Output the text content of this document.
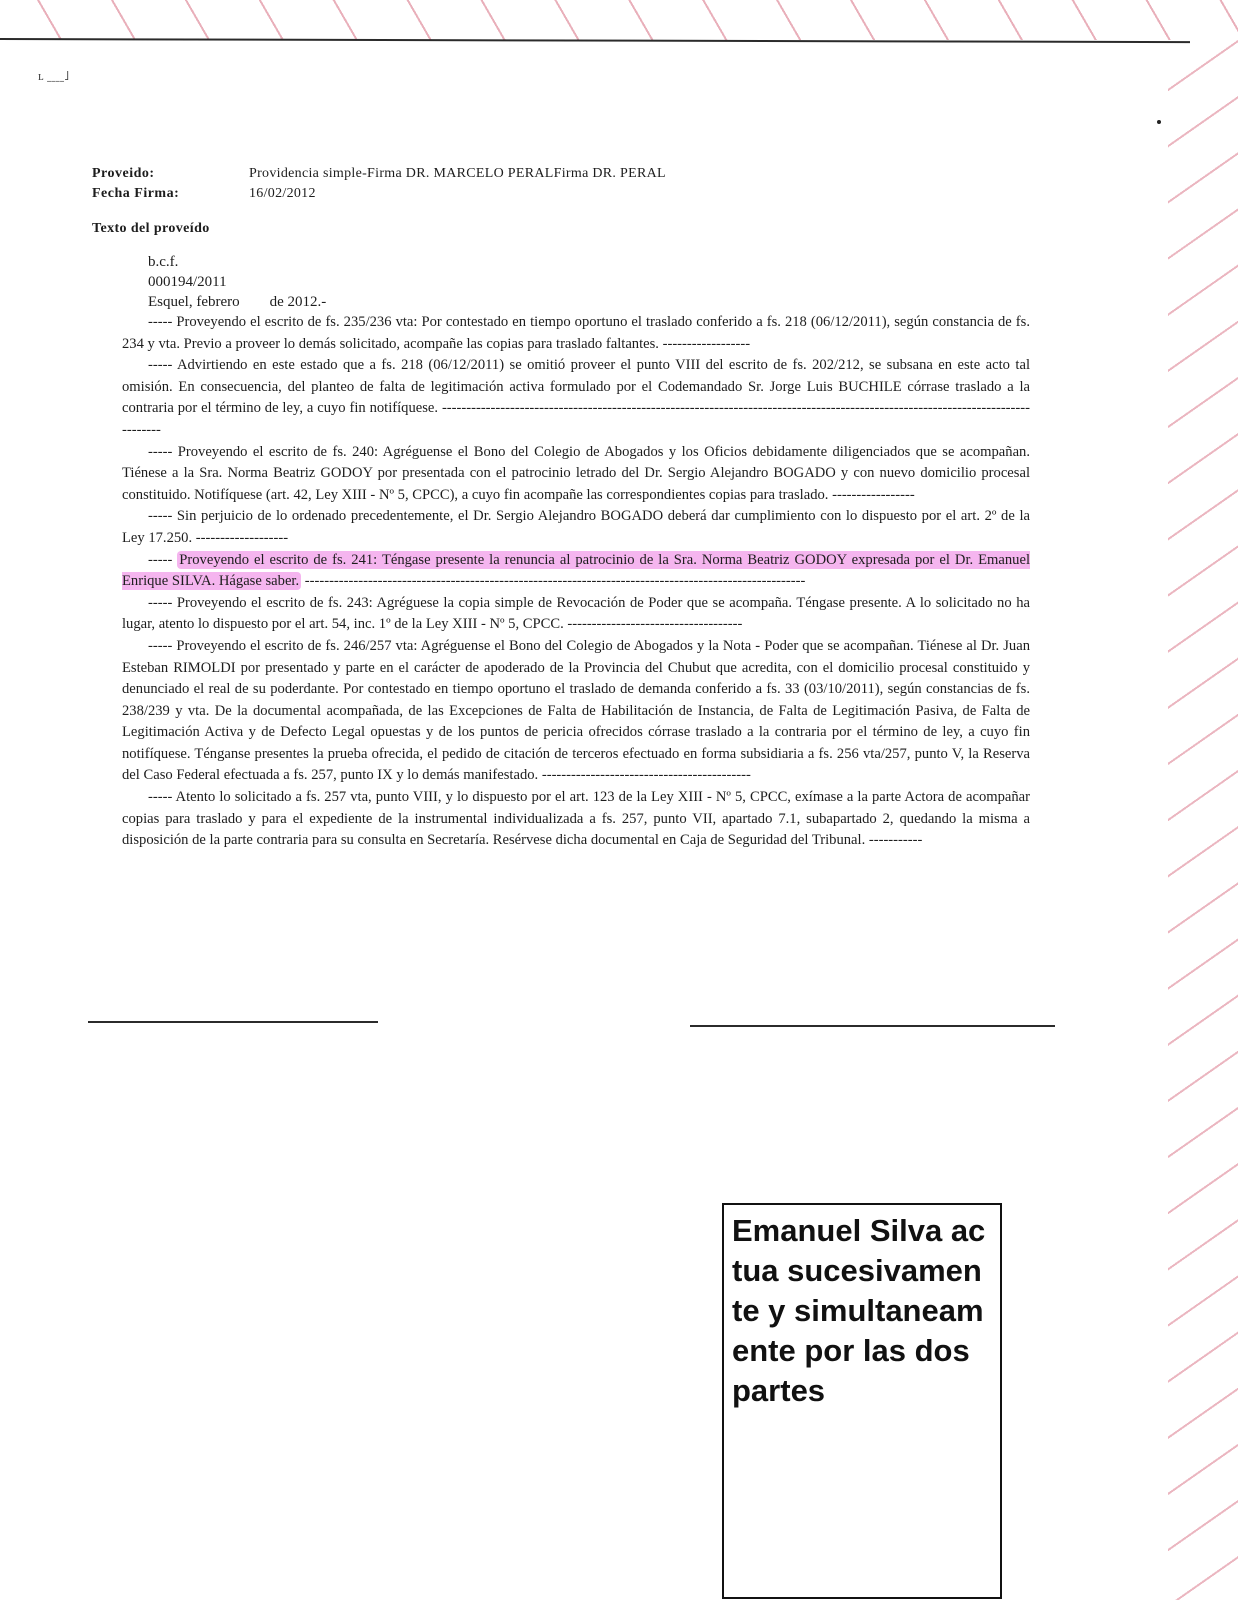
ʟ ˍˍˍˍ˩
Proveido:	Providencia simple-Firma DR. MARCELO PERALFirma DR. PERAL
Fecha Firma:	16/02/2012
Texto del proveído
b.c.f.
000194/2011
Esquel, febrero        de 2012.-

----- Proveyendo el escrito de fs. 235/236 vta: Por contestado en tiempo oportuno el traslado conferido a fs. 218 (06/12/2011), según constancia de fs. 234 y vta. Previo a proveer lo demás solicitado, acompañe las copias para traslado faltantes. ------------------

----- Advirtiendo en este estado que a fs. 218 (06/12/2011) se omitió proveer el punto VIII del escrito de fs. 202/212, se subsana en este acto tal omisión. En consecuencia, del planteo de falta de legitimación activa formulado por el Codemandado Sr. Jorge Luis BUCHILE córrase traslado a la contraria por el término de ley, a cuyo fin notifíquese. ---------------------------------------------------------------------------------------------------------------------------------

----- Proveyendo el escrito de fs. 240: Agréguense el Bono del Colegio de Abogados y los Oficios debidamente diligenciados que se acompañan. Tiénese a la Sra. Norma Beatriz GODOY por presentada con el patrocinio letrado del Dr. Sergio Alejandro BOGADO y con nuevo domicilio procesal constituido. Notifíquese (art. 42, Ley XIII - Nº 5, CPCC), a cuyo fin acompañe las correspondientes copias para traslado. -----------------

----- Sin perjuicio de lo ordenado precedentemente, el Dr. Sergio Alejandro BOGADO deberá dar cumplimiento con lo dispuesto por el art. 2º de la Ley 17.250. -------------------

----- Proveyendo el escrito de fs. 241: Téngase presente la renuncia al patrocinio de la Sra. Norma Beatriz GODOY expresada por el Dr. Emanuel Enrique SILVA. Hágase saber. -------------------------------------------------------------------------------------------------------

----- Proveyendo el escrito de fs. 243: Agréguese la copia simple de Revocación de Poder que se acompaña. Téngase presente. A lo solicitado no ha lugar, atento lo dispuesto por el art. 54, inc. 1º de la Ley XIII - Nº 5, CPCC. ------------------------------------

----- Proveyendo el escrito de fs. 246/257 vta: Agréguense el Bono del Colegio de Abogados y la Nota - Poder que se acompañan. Tiénese al Dr. Juan Esteban RIMOLDI por presentado y parte en el carácter de apoderado de la Provincia del Chubut que acredita, con el domicilio procesal constituido y denunciado el real de su poderdante. Por contestado en tiempo oportuno el traslado de demanda conferido a fs. 33 (03/10/2011), según constancias de fs. 238/239 y vta. De la documental acompañada, de las Excepciones de Falta de Habilitación de Instancia, de Falta de Legitimación Pasiva, de Falta de Legitimación Activa y de Defecto Legal opuestas y de los puntos de pericia ofrecidos córrase traslado a la contraria por el término de ley, a cuyo fin notifíquese. Ténganse presentes la prueba ofrecida, el pedido de citación de terceros efectuado en forma subsidiaria a fs. 256 vta/257, punto V, la Reserva del Caso Federal efectuada a fs. 257, punto IX y lo demás manifestado. -------------------------------------------

----- Atento lo solicitado a fs. 257 vta, punto VIII, y lo dispuesto por el art. 123 de la Ley XIII - Nº 5, CPCC, exímase a la parte Actora de acompañar copias para traslado y para el expediente de la instrumental individualizada a fs. 257, punto VII, apartado 7.1, subapartado 2, quedando la misma a disposición de la parte contraria para su consulta en Secretaría. Resérvese dicha documental en Caja de Seguridad del Tribunal. -----------

Emanuel Silva actua sucesivamente y simultaneamente por las dos partes
